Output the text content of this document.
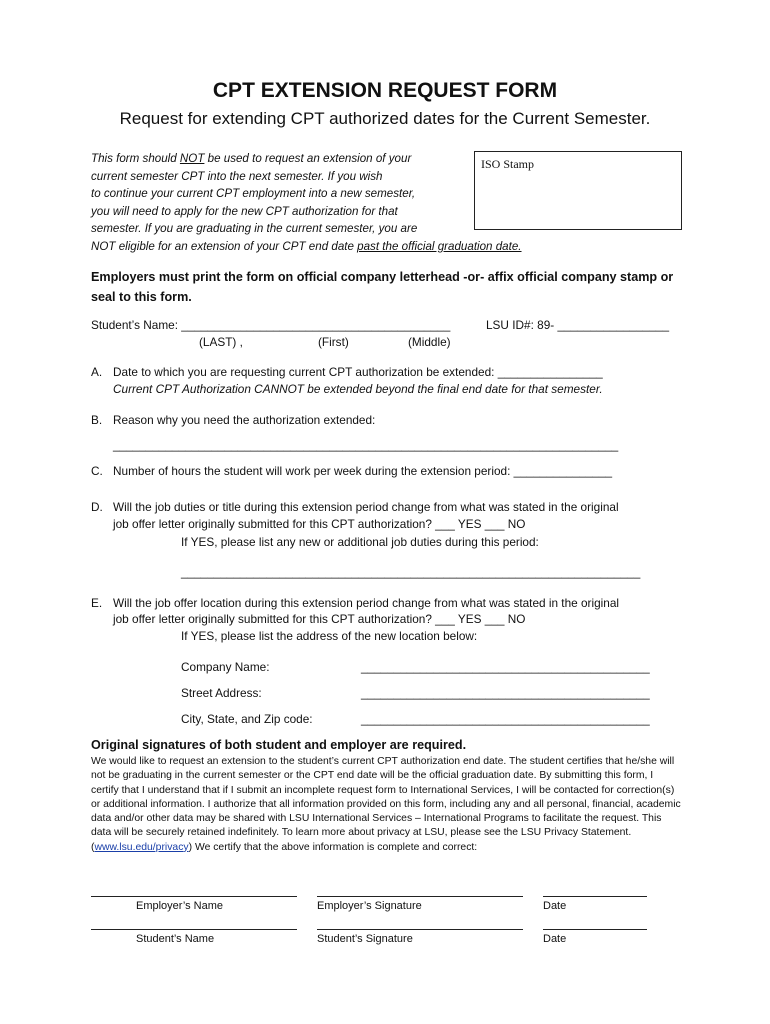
CPT EXTENSION REQUEST FORM
Request for extending CPT authorized dates for the Current Semester.
This form should NOT be used to request an extension of your
current semester CPT into the next semester. If you wish
to continue your current CPT employment into a new semester,
you will need to apply for the new CPT authorization for that
semester. If you are graduating in the current semester, you are
NOT eligible for an extension of your CPT end date past the official graduation date.
ISO Stamp
Employers must print the form on official company letterhead -or- affix official company stamp or seal to this form.
Student’s Name: _________________________________________	LSU ID#: 89- _________________
(LAST) ,	(First)	(Middle)
A. Date to which you are requesting current CPT authorization be extended: ________________
Current CPT Authorization CANNOT be extended beyond the final end date for that semester.
B. Reason why you need the authorization extended:
_____________________________________________________________________________
C. Number of hours the student will work per week during the extension period: _______________
D. Will the job duties or title during this extension period change from what was stated in the original
job offer letter originally submitted for this CPT authorization? ___ YES ___ NO
If YES, please list any new or additional job duties during this period:
______________________________________________________________________
E. Will the job offer location during this extension period change from what was stated in the original
job offer letter originally submitted for this CPT authorization? ___ YES ___ NO
If YES, please list the address of the new location below:
Company Name:	____________________________________________
Street Address:	____________________________________________
City, State, and Zip code:	____________________________________________
Original signatures of both student and employer are required.
We would like to request an extension to the student’s current CPT authorization end date. The student certifies that he/she will not be graduating in the current semester or the CPT end date will be the official graduation date. By submitting this form, I certify that I understand that if I submit an incomplete request form to International Services, I will be contacted for correction(s) or additional information. I authorize that all information provided on this form, including any and all personal, financial, academic data and/or other data may be shared with LSU International Services – International Programs to facilitate the request. This data will be securely retained indefinitely. To learn more about privacy at LSU, please see the LSU Privacy Statement. (www.lsu.edu/privacy) We certify that the above information is complete and correct:
Employer’s Name	Employer’s Signature	Date
Student’s Name	Student’s Signature	Date
